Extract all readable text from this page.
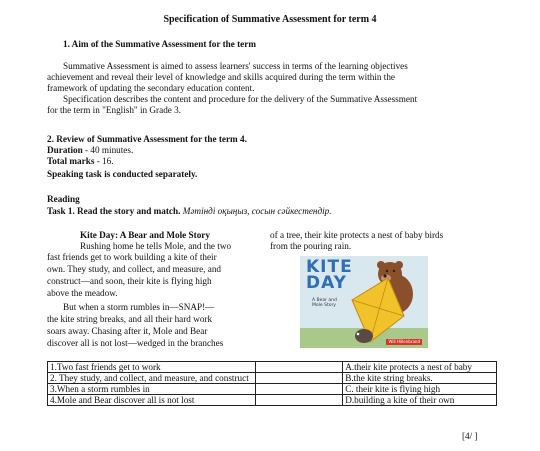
Specification of Summative Assessment for term 4
1. Aim of the Summative Assessment for the term
Summative Assessment is aimed to assess learners' success in terms of the learning objectives
achievement and reveal their level of knowledge and skills acquired during the term within the
framework of updating the secondary education content.
Specification describes the content and procedure for the delivery of the Summative Assessment
for the term in "English" in Grade 3.
2. Review of Summative Assessment for the term 4.
Duration - 40 minutes.
Total marks - 16.
Speaking task is conducted separately.
Reading
Task 1. Read the story and match. Мәтінді оқыңыз, сосын сәйкестендір.
Kite Day: A Bear and Mole Story	of a tree, their kite protects a nest of baby birds
from the pouring rain.
Rushing home he tells Mole, and the two
fast friends get to work building a kite of their
own. They study, and collect, and measure, and
construct—and soon, their kite is flying high
above the meadow.
But when a storm rumbles in—SNAP!—
the kite string breaks, and all their hard work
soars away. Chasing after it, Mole and Bear
discover all is not lost—wedged in the branches
KITE
DAY
A Bear and
Mole Story
Will Hillenbrand
1.Two fast friends get to work		A.their kite protects a nest of baby
2. They study, and collect, and measure, and construct		B.the kite string breaks.
3.When a storm rumbles in		C. their kite is flying high
4.Mole and Bear discover all is not lost		D.building a kite of their own
[4/ ]
